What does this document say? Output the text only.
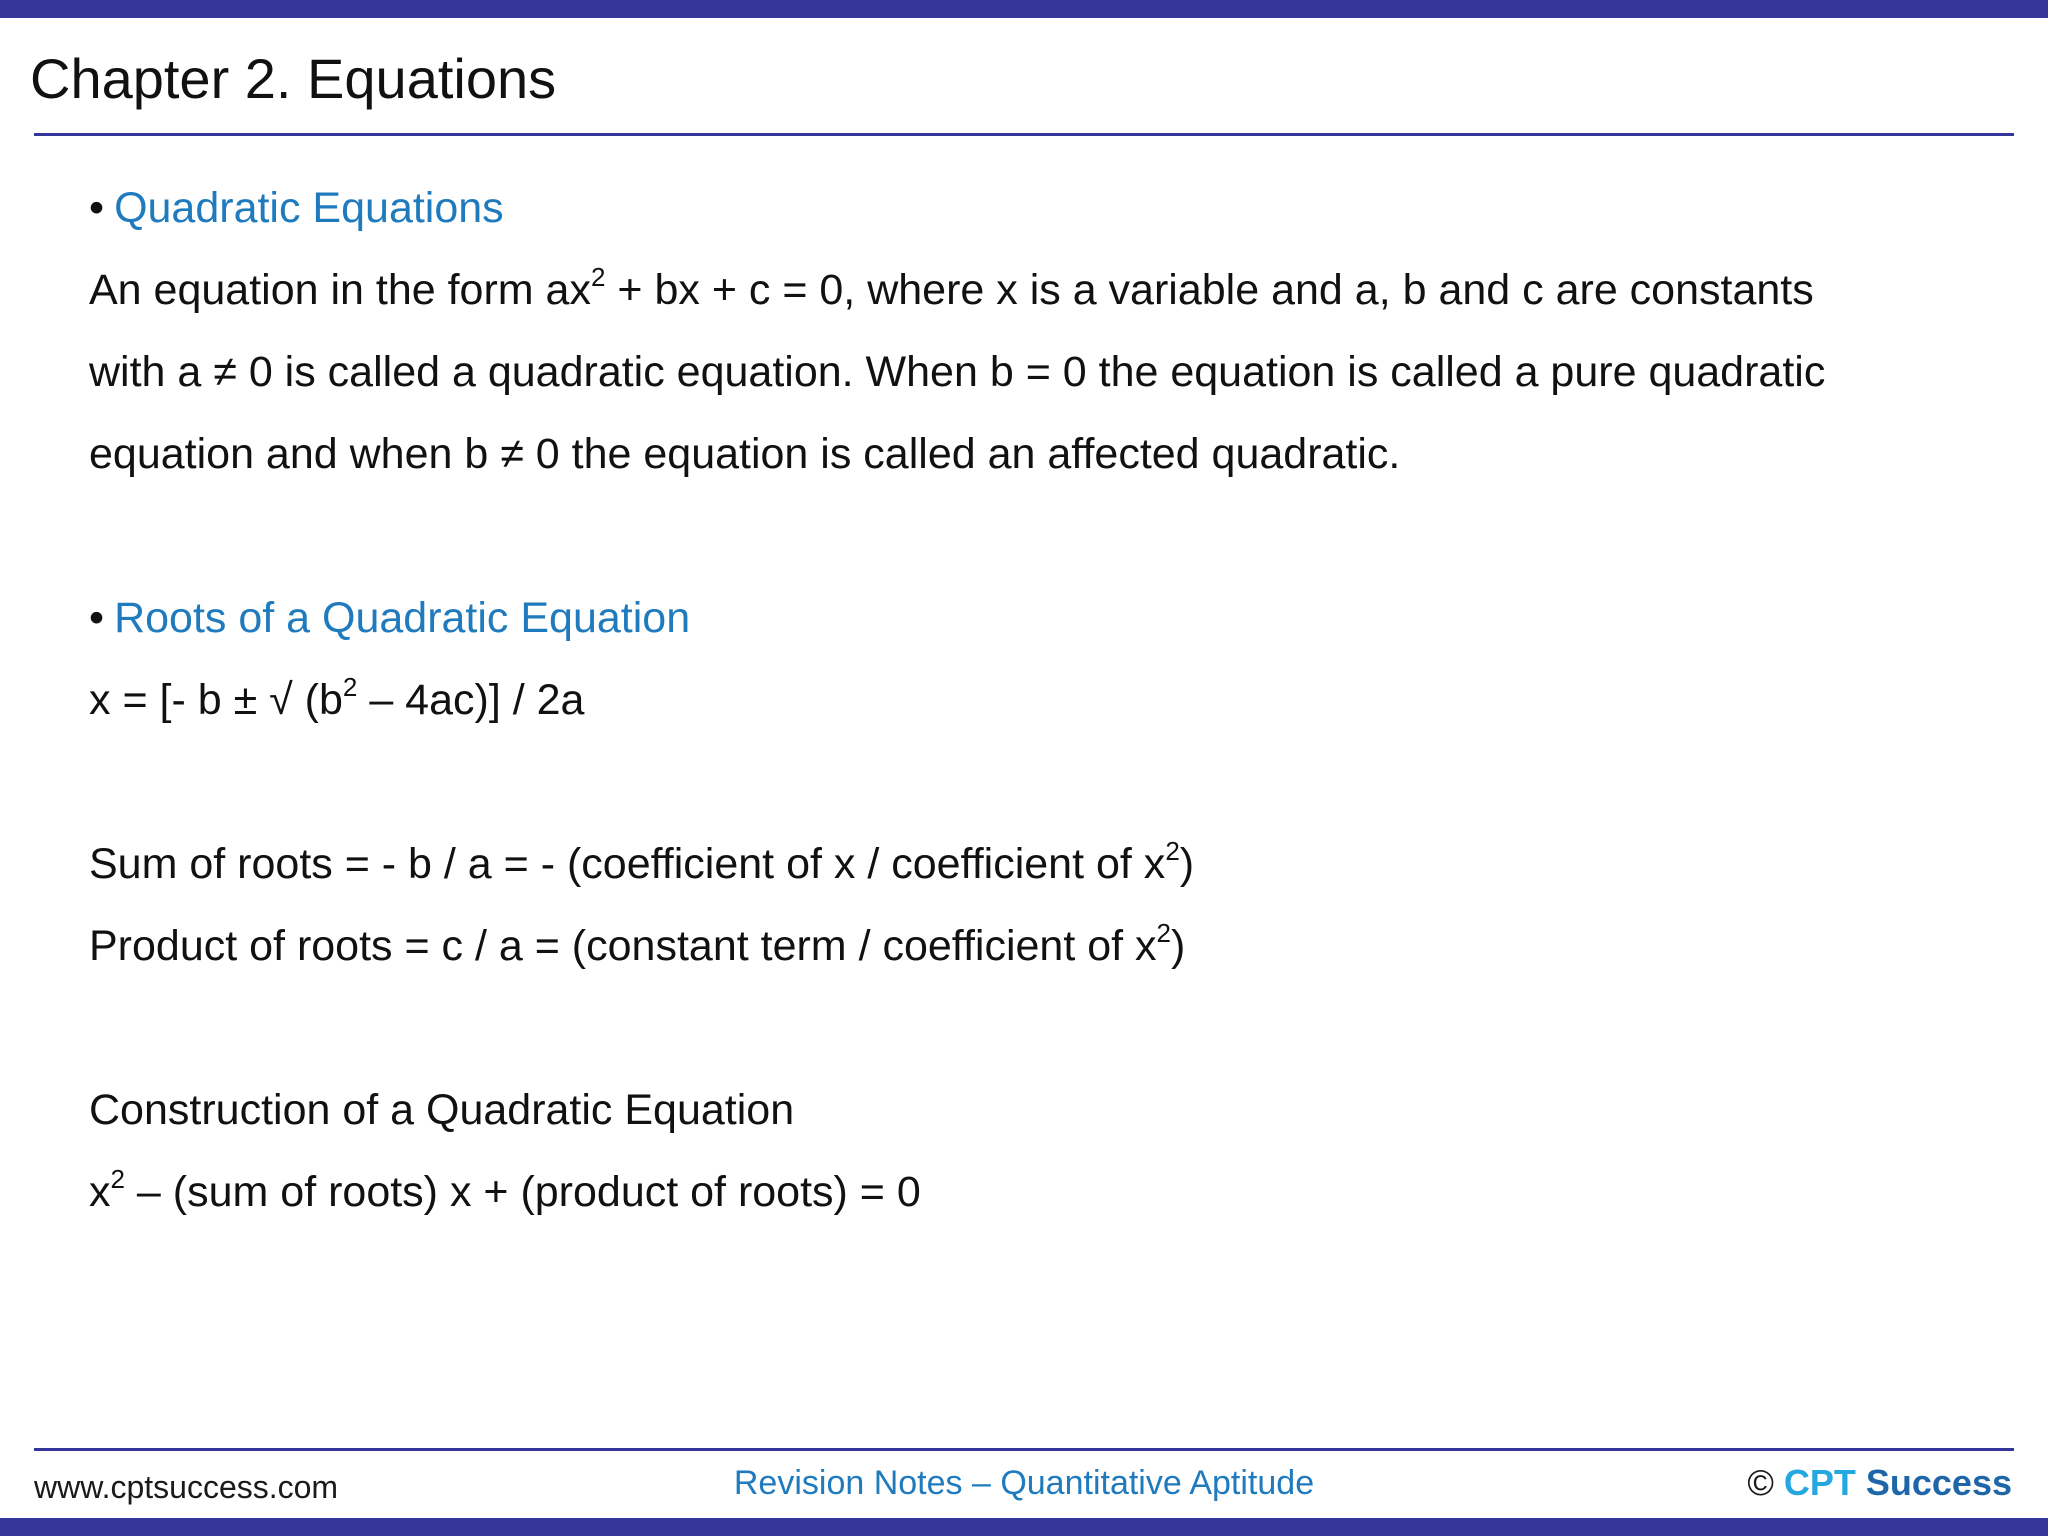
Chapter 2. Equations
• Quadratic Equations
An equation in the form $ax^2$ + bx + c = 0, where x is a variable and a, b and c are constants
with a ≠ 0 is called a quadratic equation. When b = 0 the equation is called a pure quadratic
equation and when b ≠ 0 the equation is called an affected quadratic.
• Roots of a Quadratic Equation
x = [- b ± √ $(b^2 - 4ac)] / 2a$
Sum of roots = - b / a = - (coefficient of x / coefficient of $x^2$)
Product of roots = c / a = (constant term / coefficient of $x^2$)
Construction of a Quadratic Equation
$x^2 - (sum$ of roots) x + (product of roots) = 0
www.cptsuccess.com	Revision Notes – Quantitative Aptitude	© CPT Success
